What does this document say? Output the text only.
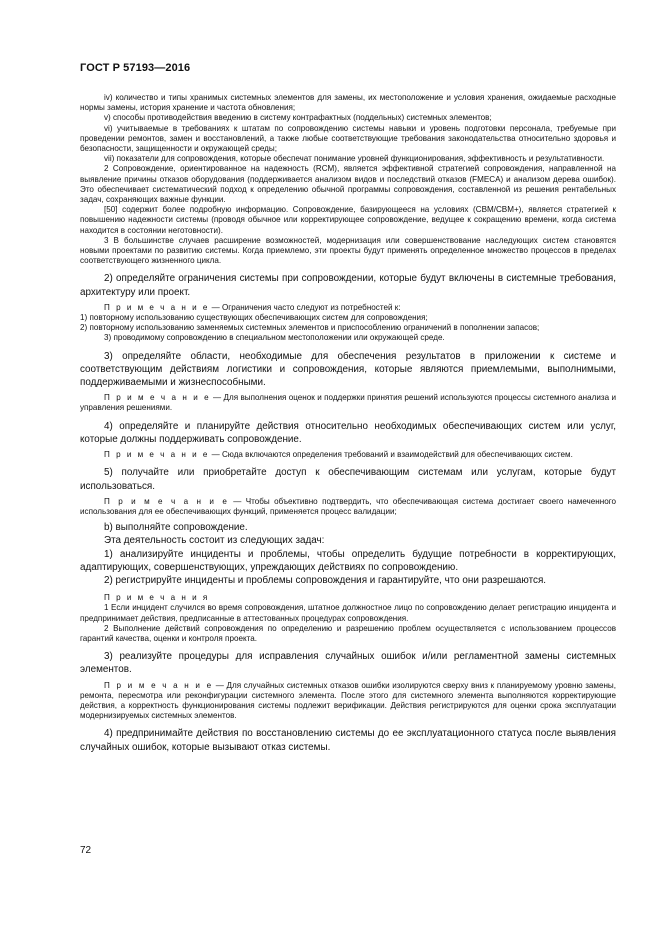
ГОСТ Р 57193—2016

iv) количество и типы хранимых системных элементов для замены, их местоположение и условия хранения, ожидаемые расходные нормы замены, история хранение и частота обновления;

v) способы противодействия введению в систему контрафактных (поддельных) системных элементов;

vi) учитываемые в требованиях к штатам по сопровождению системы навыки и уровень подготовки персонала, требуемые при проведении ремонтов, замен и восстановлений, а также любые соответствующие требования законодательства относительно здоровья и безопасности, защищенности и окружающей среды;

vii) показатели для сопровождения, которые обеспечат понимание уровней функционирования, эффективность и результативности.

2 Сопровождение, ориентированное на надежность (RCM), является эффективной стратегией сопровождения, направленной на выявление причины отказов оборудования (поддерживается анализом видов и последствий отказов (FMECA) и анализом дерева ошибок). Это обеспечивает систематический подход к определению обычной программы сопровождения, составленной из решения рентабельных задач, сохраняющих важные функции.

[50] содержит более подробную информацию. Сопровождение, базирующееся на условиях (CBM/CBM+), является стратегией к повышению надежности системы (проводя обычное или корректирующее сопровождение, ведущее к сокращению времени, когда система находится в состоянии неготовности).

3 В большинстве случаев расширение возможностей, модернизация или совершенствование наследующих систем становятся новыми проектами по развитию системы. Когда приемлемо, эти проекты будут применять определенное множество процессов в пределах соответствующего жизненного цикла.

2) определяйте ограничения системы при сопровождении, которые будут включены в системные требования, архитектуру или проект.

П р и м е ч а н и е — Ограничения часто следуют из потребностей к:

1) повторному использованию существующих обеспечивающих систем для сопровождения;

2) повторному использованию заменяемых системных элементов и приспособлению ограничений в пополнении запасов;

3) проводимому сопровождению в специальном местоположении или окружающей среде.

3) определяйте области, необходимые для обеспечения результатов в приложении к системе и соответствующим действиям логистики и сопровождения, которые являются приемлемыми, выполнимыми, поддерживаемыми и жизнеспособными.

П р и м е ч а н и е — Для выполнения оценок и поддержки принятия решений используются процессы системного анализа и управления решениями.

4) определяйте и планируйте действия относительно необходимых обеспечивающих систем или услуг, которые должны поддерживать сопровождение.

П р и м е ч а н и е — Сюда включаются определения требований и взаимодействий для обеспечивающих систем.

5) получайте или приобретайте доступ к обеспечивающим системам или услугам, которые будут использоваться.

П р и м е ч а н и е — Чтобы объективно подтвердить, что обеспечивающая система достигает своего намеченного использования для ее обеспечивающих функций, применяется процесс валидации;

b) выполняйте сопровождение.

Эта деятельность состоит из следующих задач:

1) анализируйте инциденты и проблемы, чтобы определить будущие потребности в корректирующих, адаптирующих, совершенствующих, упреждающих действиях по сопровождению.

2) регистрируйте инциденты и проблемы сопровождения и гарантируйте, что они разрешаются.

П р и м е ч а н и я

1 Если инцидент случился во время сопровождения, штатное должностное лицо по сопровождению делает регистрацию инцидента и предпринимает действия, предписанные в аттестованных процедурах сопровождения.

2 Выполнение действий сопровождения по определению и разрешению проблем осуществляется с использованием процессов гарантий качества, оценки и контроля проекта.

3) реализуйте процедуры для исправления случайных ошибок и/или регламентной замены системных элементов.

П р и м е ч а н и е — Для случайных системных отказов ошибки изолируются сверху вниз к планируемому уровню замены, ремонта, пересмотра или реконфигурации системного элемента. После этого для системного элемента выполняются корректирующие действия, а корректность функционирования системы подлежит верификации. Действия регистрируются для оценки срока эксплуатации модернизируемых системных элементов.

4) предпринимайте действия по восстановлению системы до ее эксплуатационного статуса после выявления случайных ошибок, которые вызывают отказ системы.

72
